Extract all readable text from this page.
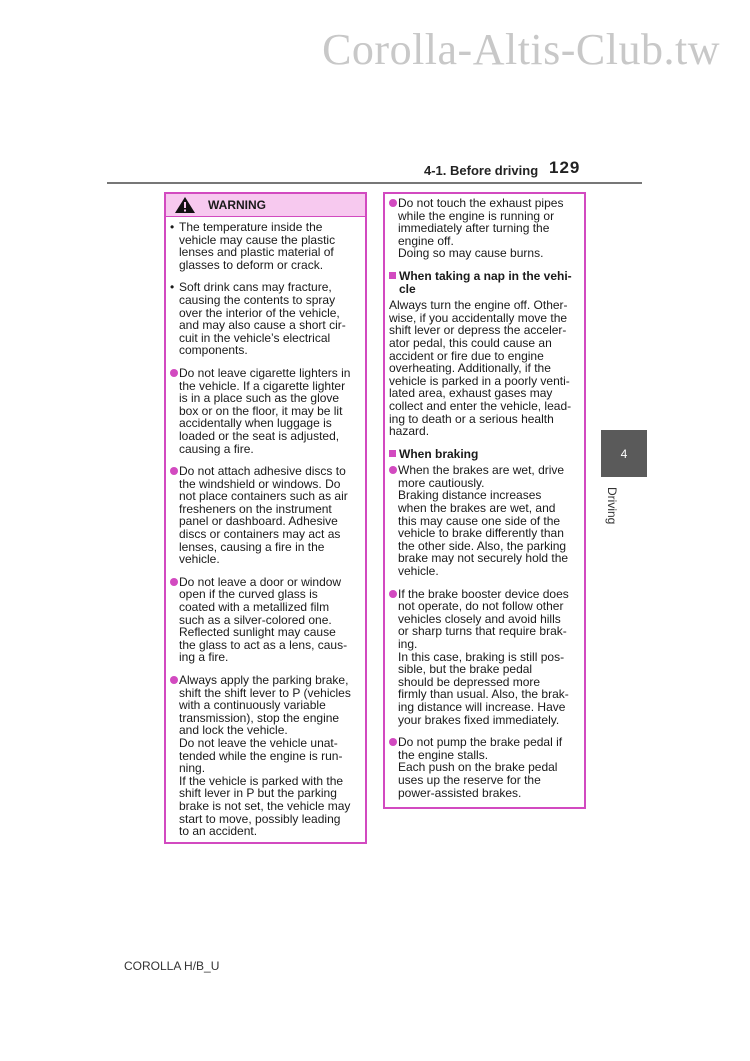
Corolla-Altis-Club.tw
4-1. Before driving 129
WARNING
• The temperature inside the
vehicle may cause the plastic
lenses and plastic material of
glasses to deform or crack.
• Soft drink cans may fracture,
causing the contents to spray
over the interior of the vehicle,
and may also cause a short cir-
cuit in the vehicle’s electrical
components.
Do not leave cigarette lighters in
the vehicle. If a cigarette lighter
is in a place such as the glove
box or on the floor, it may be lit
accidentally when luggage is
loaded or the seat is adjusted,
causing a fire.
Do not attach adhesive discs to
the windshield or windows. Do
not place containers such as air
fresheners on the instrument
panel or dashboard. Adhesive
discs or containers may act as
lenses, causing a fire in the
vehicle.
Do not leave a door or window
open if the curved glass is
coated with a metallized film
such as a silver-colored one.
Reflected sunlight may cause
the glass to act as a lens, caus-
ing a fire.
Always apply the parking brake,
shift the shift lever to P (vehicles
with a continuously variable
transmission), stop the engine
and lock the vehicle.
Do not leave the vehicle unat-
tended while the engine is run-
ning.
If the vehicle is parked with the
shift lever in P but the parking
brake is not set, the vehicle may
start to move, possibly leading
to an accident.
Do not touch the exhaust pipes
while the engine is running or
immediately after turning the
engine off.
Doing so may cause burns.
When taking a nap in the vehi-
cle
Always turn the engine off. Other-
wise, if you accidentally move the
shift lever or depress the acceler-
ator pedal, this could cause an
accident or fire due to engine
overheating. Additionally, if the
vehicle is parked in a poorly venti-
lated area, exhaust gases may
collect and enter the vehicle, lead-
ing to death or a serious health
hazard.
When braking
When the brakes are wet, drive
more cautiously.
Braking distance increases
when the brakes are wet, and
this may cause one side of the
vehicle to brake differently than
the other side. Also, the parking
brake may not securely hold the
vehicle.
If the brake booster device does
not operate, do not follow other
vehicles closely and avoid hills
or sharp turns that require brak-
ing.
In this case, braking is still pos-
sible, but the brake pedal
should be depressed more
firmly than usual. Also, the brak-
ing distance will increase. Have
your brakes fixed immediately.
Do not pump the brake pedal if
the engine stalls.
Each push on the brake pedal
uses up the reserve for the
power-assisted brakes.
4
Driving
COROLLA H/B_U
